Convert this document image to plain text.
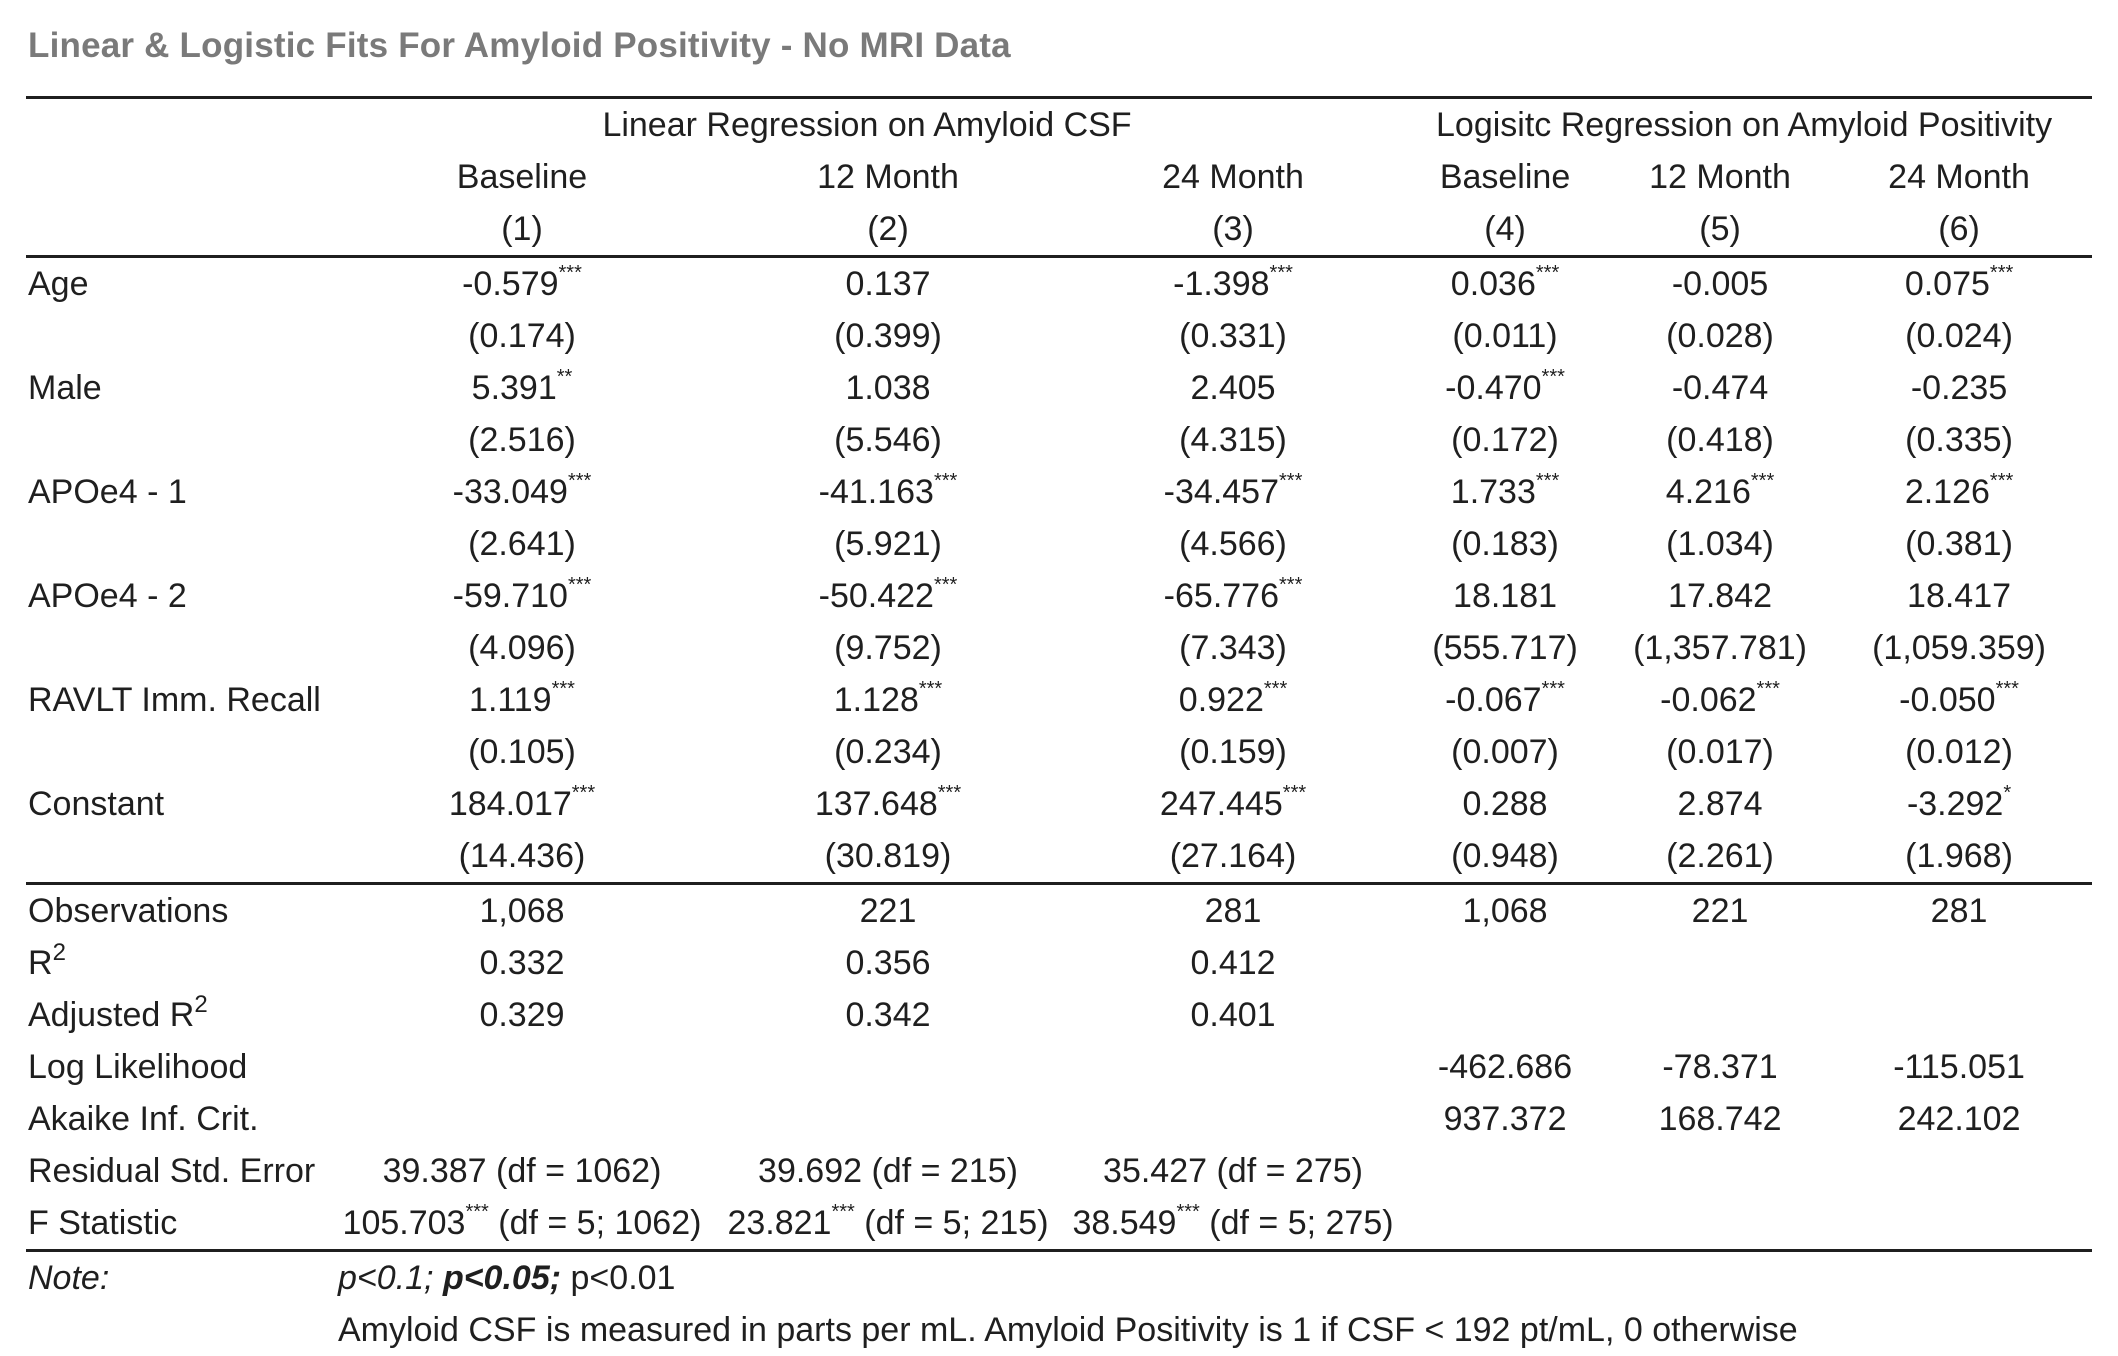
Linear & Logistic Fits For Amyloid Positivity - No MRI Data
	Linear Regression on Amyloid CSF			Logisitc Regression on Amyloid Positivity		
	Baseline	12 Month	24 Month	Baseline	12 Month	24 Month
	(1)	(2)	(3)	(4)	(5)	(6)
Age	-0.579***	0.137	-1.398***	0.036***	-0.005	0.075***
	(0.174)	(0.399)	(0.331)	(0.011)	(0.028)	(0.024)
Male	5.391**	1.038	2.405	-0.470***	-0.474	-0.235
	(2.516)	(5.546)	(4.315)	(0.172)	(0.418)	(0.335)
APOe4 - 1	-33.049***	-41.163***	-34.457***	1.733***	4.216***	2.126***
	(2.641)	(5.921)	(4.566)	(0.183)	(1.034)	(0.381)
APOe4 - 2	-59.710***	-50.422***	-65.776***	18.181	17.842	18.417
	(4.096)	(9.752)	(7.343)	(555.717)	(1,357.781)	(1,059.359)
RAVLT Imm. Recall	1.119***	1.128***	0.922***	-0.067***	-0.062***	-0.050***
	(0.105)	(0.234)	(0.159)	(0.007)	(0.017)	(0.012)
Constant	184.017***	137.648***	247.445***	0.288	2.874	-3.292*
	(14.436)	(30.819)	(27.164)	(0.948)	(2.261)	(1.968)
Observations	1,068	221	281	1,068	221	281
$R^2$	0.332	0.356	0.412			
Adjusted $R^2$	0.329	0.342	0.401			
Log Likelihood				-462.686	-78.371	-115.051
Akaike Inf. Crit.				937.372	168.742	242.102
Residual Std. Error	39.387 (df = 1062)	39.692 (df = 215)	35.427 (df = 275)			
F Statistic	105.703*** (df = 5; 1062)	23.821*** (df = 5; 215)	38.549*** (df = 5; 275)			
Note:	p<0.1; p<0.05; p<0.01					
	Amyloid CSF is measured in parts per mL. Amyloid Positivity is 1 if CSF < 192 pt/mL, 0 otherwise					
